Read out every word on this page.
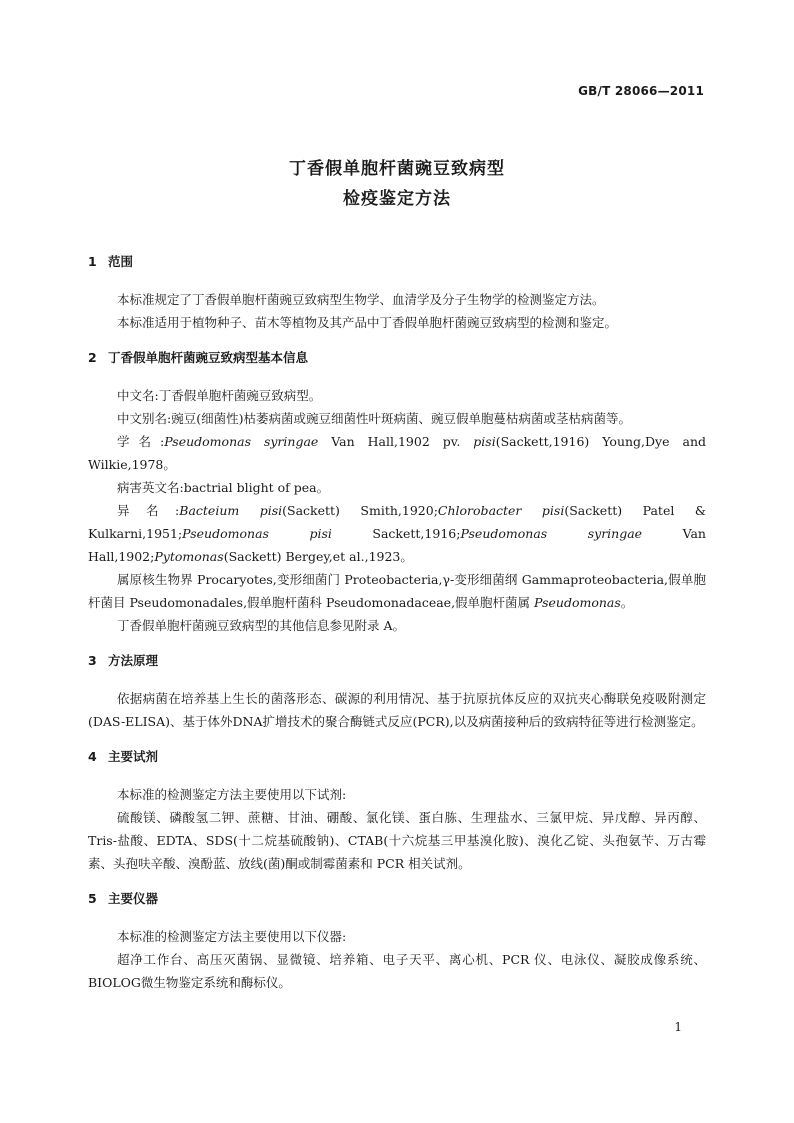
GB/T 28066—2011
丁香假单胞杆菌豌豆致病型
检疫鉴定方法
1 范围

本标准规定了丁香假单胞杆菌豌豆致病型生物学、血清学及分子生物学的检测鉴定方法。

本标准适用于植物种子、苗木等植物及其产品中丁香假单胞杆菌豌豆致病型的检测和鉴定。

2 丁香假单胞杆菌豌豆致病型基本信息

中文名:丁香假单胞杆菌豌豆致病型。

中文别名:豌豆(细菌性)枯萎病菌或豌豆细菌性叶斑病菌、豌豆假单胞蔓枯病菌或茎枯病菌等。

学名:Pseudomonas syringae Van Hall,1902 pv. pisi(Sackett,1916) Young,Dye and Wilkie,1978。

病害英文名:bactrial blight of pea。

异名:Bacteium pisi(Sackett) Smith,1920;Chlorobacter pisi(Sackett) Patel & Kulkarni,1951;Pseudomonas pisi Sackett,1916;Pseudomonas syringae Van Hall,1902;Pytomonas(Sackett) Bergey,et al.,1923。

属原核生物界 Procaryotes,变形细菌门 Proteobacteria,γ-变形细菌纲 Gammaproteobacteria,假单胞杆菌目 Pseudomonadales,假单胞杆菌科 Pseudomonadaceae,假单胞杆菌属 Pseudomonas。

丁香假单胞杆菌豌豆致病型的其他信息参见附录 A。

3 方法原理

依据病菌在培养基上生长的菌落形态、碳源的利用情况、基于抗原抗体反应的双抗夹心酶联免疫吸附测定(DAS-ELISA)、基于体外DNA扩增技术的聚合酶链式反应(PCR),以及病菌接种后的致病特征等进行检测鉴定。

4 主要试剂

本标准的检测鉴定方法主要使用以下试剂:

硫酸镁、磷酸氢二钾、蔗糖、甘油、硼酸、氯化镁、蛋白胨、生理盐水、三氯甲烷、异戊醇、异丙醇、Tris-盐酸、EDTA、SDS(十二烷基硫酸钠)、CTAB(十六烷基三甲基溴化胺)、溴化乙锭、头孢氨苄、万古霉素、头孢呋辛酸、溴酚蓝、放线(菌)酮或制霉菌素和 PCR 相关试剂。

5 主要仪器

本标准的检测鉴定方法主要使用以下仪器:

超净工作台、高压灭菌锅、显微镜、培养箱、电子天平、离心机、PCR 仪、电泳仪、凝胶成像系统、BIOLOG微生物鉴定系统和酶标仪。

1
